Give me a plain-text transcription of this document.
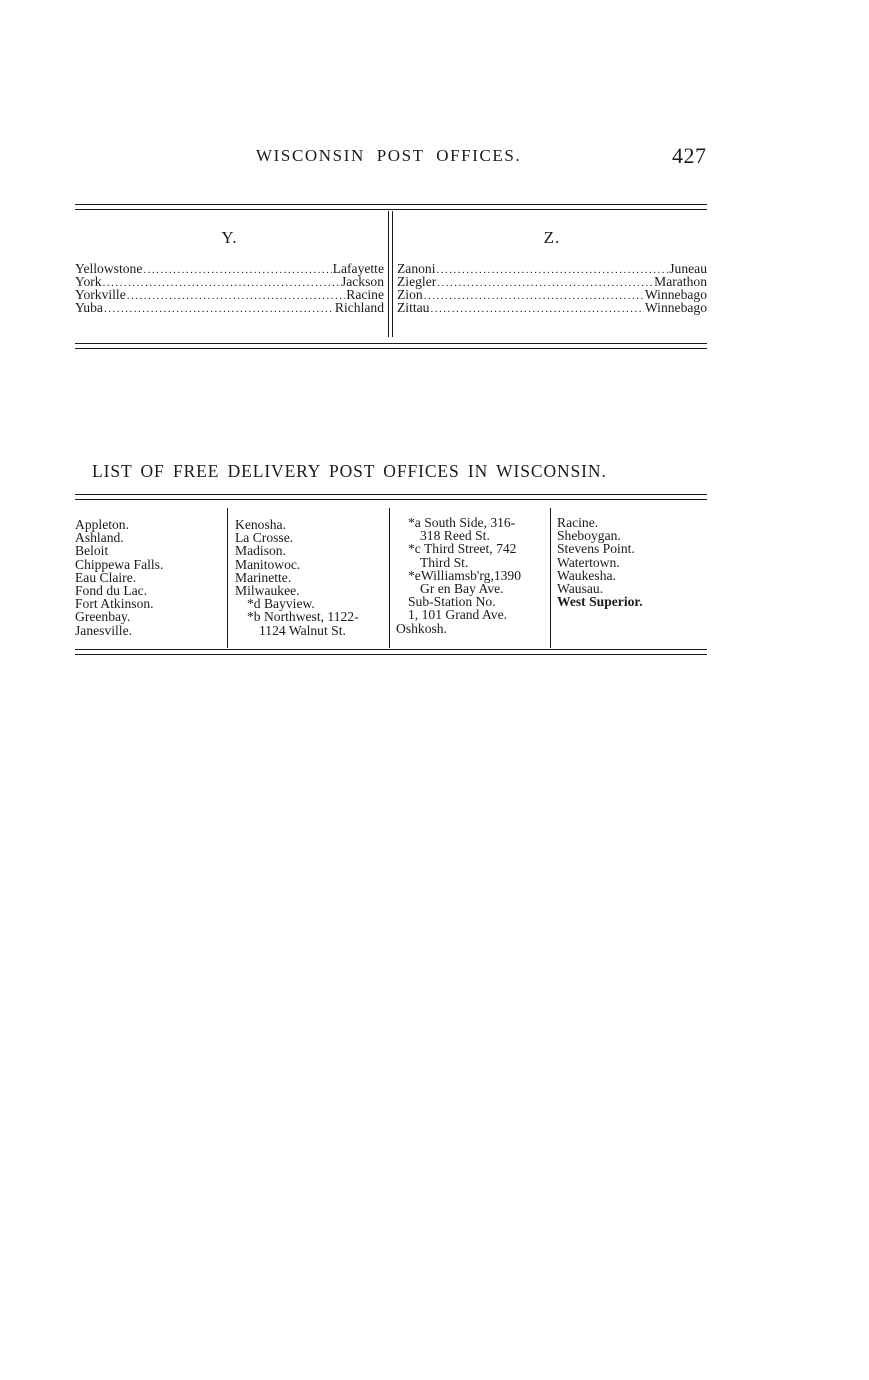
WISCONSIN POST OFFICES.	427
Y.
Yellowstone .....	Lafayette
York .....	Jackson
Yorkville .....	Racine
Yuba .....	Richland
Z.
Zanoni .....	Juneau
Ziegler .....	Marathon
Zion .....	Winnebago
Zittau .....	Winnebago
LIST OF FREE DELIVERY POST OFFICES IN WISCONSIN.
Appleton.
Ashland.
Beloit
Chippewa Falls.
Eau Claire.
Fond du Lac.
Fort Atkinson.
Greenbay.
Janesville.
Kenosha.
La Crosse.
Madison.
Manitowoc.
Marinette.
Milwaukee.
*d Bayview.
*b Northwest, 1122-
1124 Walnut St.
*a South Side, 316-
318 Reed St.
*c Third Street, 742
Third St.
*eWilliamsb'rg,1390
Gr en Bay Ave.
Sub-Station No.
1, 101 Grand Ave.
Oshkosh.
Racine.
Sheboygan.
Stevens Point.
Watertown.
Waukesha.
Wausau.
West Superior.
